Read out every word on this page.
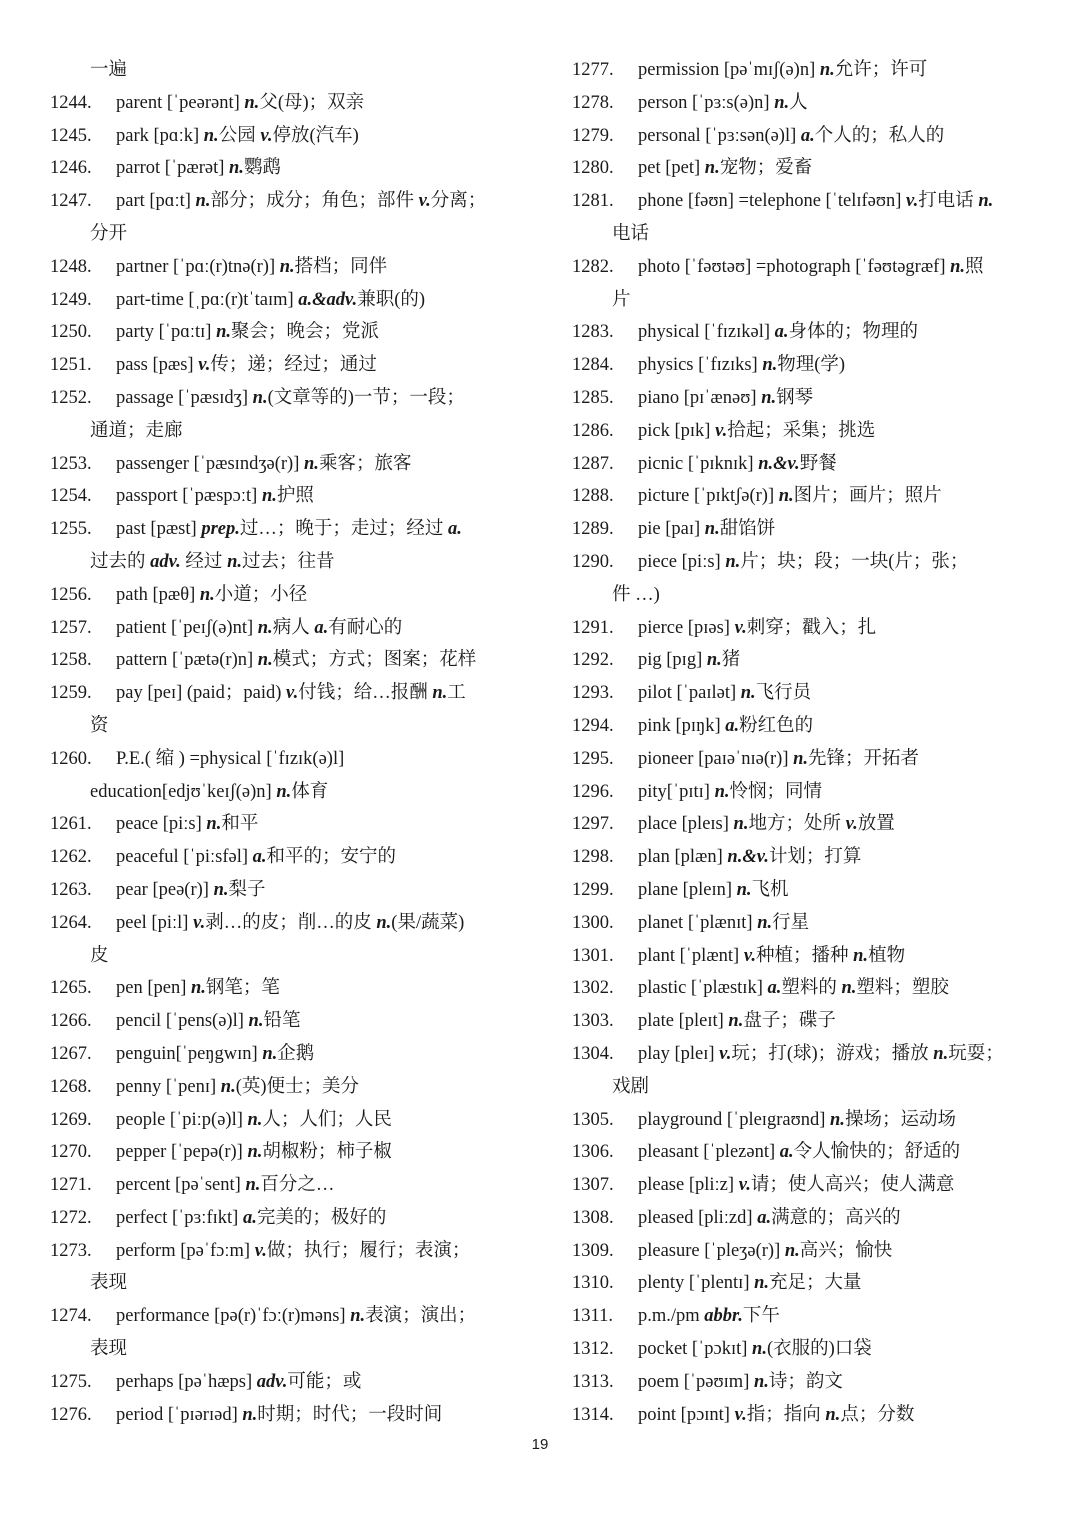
一遍
1244. parent [ˈpeərənt] n.父(母)；双亲
1245. park [pɑːk] n.公园 v.停放(汽车)
1246. parrot [ˈpærət] n.鹦鹉
1247. part [pɑːt] n.部分；成分；角色；部件 v.分离；
分开
1248. partner [ˈpɑː(r)tnə(r)] n.搭档；同伴
1249. part-time [ˌpɑː(r)tˈtaɪm] a.&adv.兼职(的)
1250. party [ˈpɑːtɪ] n.聚会；晚会；党派
1251. pass [pæs] v.传；递；经过；通过
1252. passage [ˈpæsɪdʒ] n.(文章等的)一节；一段；
通道；走廊
1253. passenger [ˈpæsɪndʒə(r)] n.乘客；旅客
1254. passport [ˈpæspɔːt] n.护照
1255. past [pæst] prep.过…；晚于；走过；经过 a.
过去的 adv. 经过 n.过去；往昔
1256. path [pæθ] n.小道；小径
1257. patient [ˈpeɪʃ(ə)nt] n.病人 a.有耐心的
1258. pattern [ˈpætə(r)n] n.模式；方式；图案；花样
1259. pay [peɪ] (paid；paid) v.付钱；给…报酬 n.工
资
1260. P.E.( 缩 ) =physical [ˈfɪzɪk(ə)l]
education[edjʊˈkeɪʃ(ə)n] n.体育
1261. peace [piːs] n.和平
1262. peaceful [ˈpiːsfəl] a.和平的；安宁的
1263. pear [peə(r)] n.梨子
1264. peel [piːl] v.剥…的皮；削…的皮 n.(果/蔬菜)
皮
1265. pen [pen] n.钢笔；笔
1266. pencil [ˈpens(ə)l] n.铅笔
1267. penguin[ˈpeŋgwɪn] n.企鹅
1268. penny [ˈpenɪ] n.(英)便士；美分
1269. people [ˈpiːp(ə)l] n.人；人们；人民
1270. pepper [ˈpepə(r)] n.胡椒粉；柿子椒
1271. percent [pəˈsent] n.百分之…
1272. perfect [ˈpɜːfɪkt] a.完美的；极好的
1273. perform [pəˈfɔːm] v.做；执行；履行；表演；
表现
1274. performance [pə(r)ˈfɔː(r)məns] n.表演；演出；
表现
1275. perhaps [pəˈhæps] adv.可能；或
1276. period [ˈpɪərɪəd] n.时期；时代；一段时间
1277. permission [pəˈmɪʃ(ə)n] n.允许；许可
1278. person [ˈpɜːs(ə)n] n.人
1279. personal [ˈpɜːsən(ə)l] a.个人的；私人的
1280. pet [pet] n.宠物；爱畜
1281. phone [fəʊn] =telephone [ˈtelɪfəʊn] v.打电话 n.
电话
1282. photo [ˈfəʊtəʊ] =photograph [ˈfəʊtəgræf] n.照
片
1283. physical [ˈfɪzɪkəl] a.身体的；物理的
1284. physics [ˈfɪzɪks] n.物理(学)
1285. piano [pɪˈænəʊ] n.钢琴
1286. pick [pɪk] v.拾起；采集；挑选
1287. picnic [ˈpɪknɪk] n.&v.野餐
1288. picture [ˈpɪktʃə(r)] n.图片；画片；照片
1289. pie [paɪ] n.甜馅饼
1290. piece [piːs] n.片；块；段；一块(片；张；
件 …)
1291. pierce [pɪəs] v.刺穿；戳入；扎
1292. pig [pɪg] n.猪
1293. pilot [ˈpaɪlət] n.飞行员
1294. pink [pɪŋk] a.粉红色的
1295. pioneer [paɪəˈnɪə(r)] n.先锋；开拓者
1296. pity[ˈpɪtɪ] n.怜悯；同情
1297. place [pleɪs] n.地方；处所 v.放置
1298. plan [plæn] n.&v.计划；打算
1299. plane [pleɪn] n.飞机
1300. planet [ˈplænɪt] n.行星
1301. plant [ˈplænt] v.种植；播种 n.植物
1302. plastic [ˈplæstɪk] a.塑料的 n.塑料；塑胶
1303. plate [pleɪt] n.盘子；碟子
1304. play [pleɪ] v.玩；打(球)；游戏；播放 n.玩耍；
戏剧
1305. playground [ˈpleɪgraʊnd] n.操场；运动场
1306. pleasant [ˈplezənt] a.令人愉快的；舒适的
1307. please [pliːz] v.请；使人高兴；使人满意
1308. pleased [pliːzd] a.满意的；高兴的
1309. pleasure [ˈpleʒə(r)] n.高兴；愉快
1310. plenty [ˈplentɪ] n.充足；大量
1311. p.m./pm abbr.下午
1312. pocket [ˈpɔkɪt] n.(衣服的)口袋
1313. poem [ˈpəʊɪm] n.诗；韵文
1314. point [pɔɪnt] v.指；指向 n.点；分数
19
